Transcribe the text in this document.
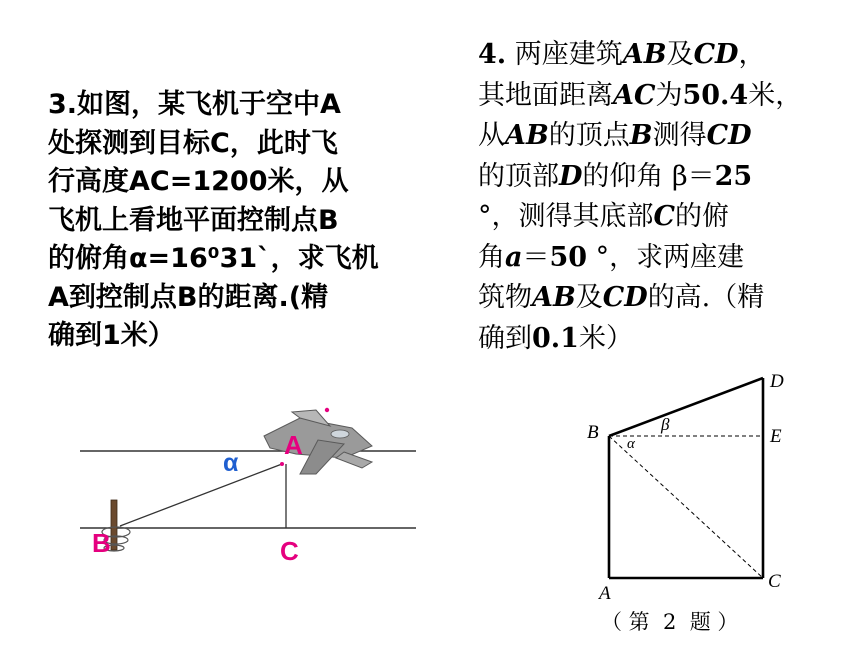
3.如图，某飞机于空中A
处探测到目标C，此时飞
行高度AC=1200米，从
飞机上看地平面控制点B
的俯角α=16⁰31`，求飞机
A到控制点B的距离.(精
确到1米）
4. 两座建筑AB及CD，
其地面距离AC为50.4米，
从AB的顶点B测得CD
的顶部D的仰角 β＝25
°，测得其底部C的俯
角a＝50 °，求两座建
筑物AB及CD的高.（精
确到0.1米）
A
B	C
α
D
B	E
A
C
β
α
（ 第  2  题 ）
